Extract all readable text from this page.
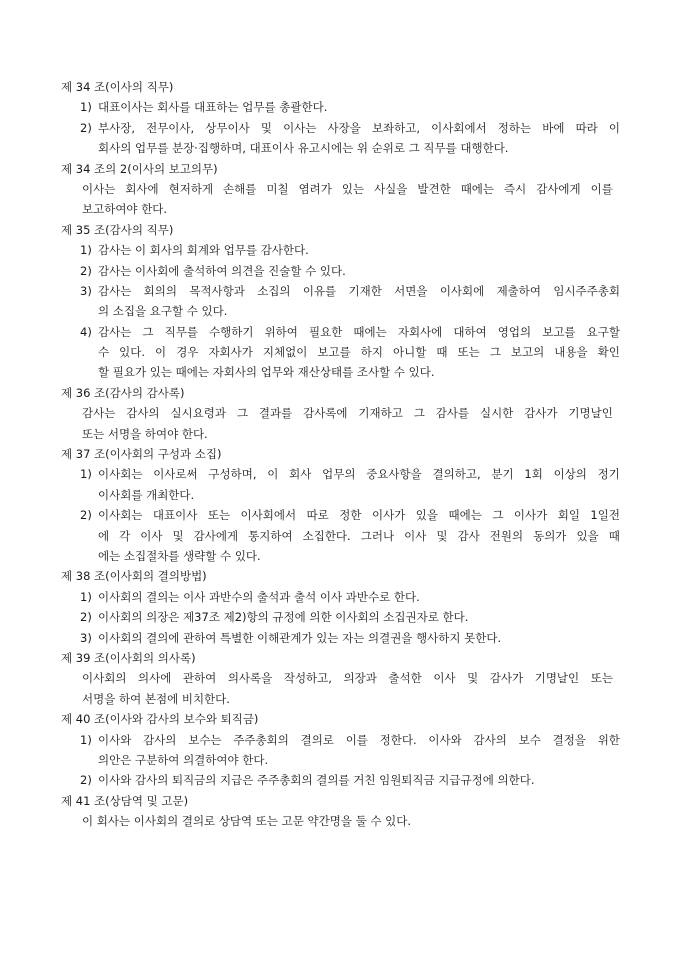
제 34 조(이사의 직무)
대표이사는 회사를 대표하는 업무를 총괄한다.
1)
부사장, 전무이사, 상무이사 및 이사는 사장을 보좌하고, 이사회에서 정하는 바에 따라 이
2)
회사의 업무를 분장·집행하며, 대표이사 유고시에는 위 순위로 그 직무를 대행한다.
제 34 조의 2(이사의 보고의무)
이사는 회사에 현저하게 손해를 미칠 염려가 있는 사실을 발견한 때에는 즉시 감사에게 이를
보고하여야 한다.
제 35 조(감사의 직무)
감사는 이 회사의 회계와 업무를 감사한다.
1)
감사는 이사회에 출석하여 의견을 진술할 수 있다.
2)
감사는 회의의 목적사항과 소집의 이유를 기재한 서면을 이사회에 제출하여 임시주주총회
3)
의 소집을 요구할 수 있다.
감사는 그 직무를 수행하기 위하여 필요한 때에는 자회사에 대하여 영업의 보고를 요구할
4)
수 있다. 이 경우 자회사가 지체없이 보고를 하지 아니할 때 또는 그 보고의 내용을 확인
할 필요가 있는 때에는 자회사의 업무와 재산상태를 조사할 수 있다.
제 36 조(감사의 감사록)
감사는 감사의 실시요령과 그 결과를 감사록에 기재하고 그 감사를 실시한 감사가 기명날인
또는 서명을 하여야 한다.
제 37 조(이사회의 구성과 소집)
이사회는 이사로써 구성하며, 이 회사 업무의 중요사항을 결의하고, 분기 1회 이상의 정기
1)
이사회를 개최한다.
이사회는 대표이사 또는 이사회에서 따로 정한 이사가 있을 때에는 그 이사가 회일 1일전
2)
에 각 이사 및 감사에게 통지하여 소집한다. 그러나 이사 및 감사 전원의 동의가 있을 때
에는 소집절차를 생략할 수 있다.
제 38 조(이사회의 결의방법)
이사회의 결의는 이사 과반수의 출석과 출석 이사 과반수로 한다.
1)
이사회의 의장은 제37조 제2)항의 규정에 의한 이사회의 소집권자로 한다.
2)
이사회의 결의에 관하여 특별한 이해관계가 있는 자는 의결권을 행사하지 못한다.
3)
제 39 조(이사회의 의사록)
이사회의 의사에 관하여 의사록을 작성하고, 의장과 출석한 이사 및 감사가 기명날인 또는
서명을 하여 본점에 비치한다.
제 40 조(이사와 감사의 보수와 퇴직금)
이사와 감사의 보수는 주주총회의 결의로 이를 정한다. 이사와 감사의 보수 결정을 위한
1)
의안은 구분하여 의결하여야 한다.
이사와 감사의 퇴직금의 지급은 주주총회의 결의를 거친 임원퇴직금 지급규정에 의한다.
2)
제 41 조(상담역 및 고문)
이 회사는 이사회의 결의로 상담역 또는 고문 약간명을 둘 수 있다.
